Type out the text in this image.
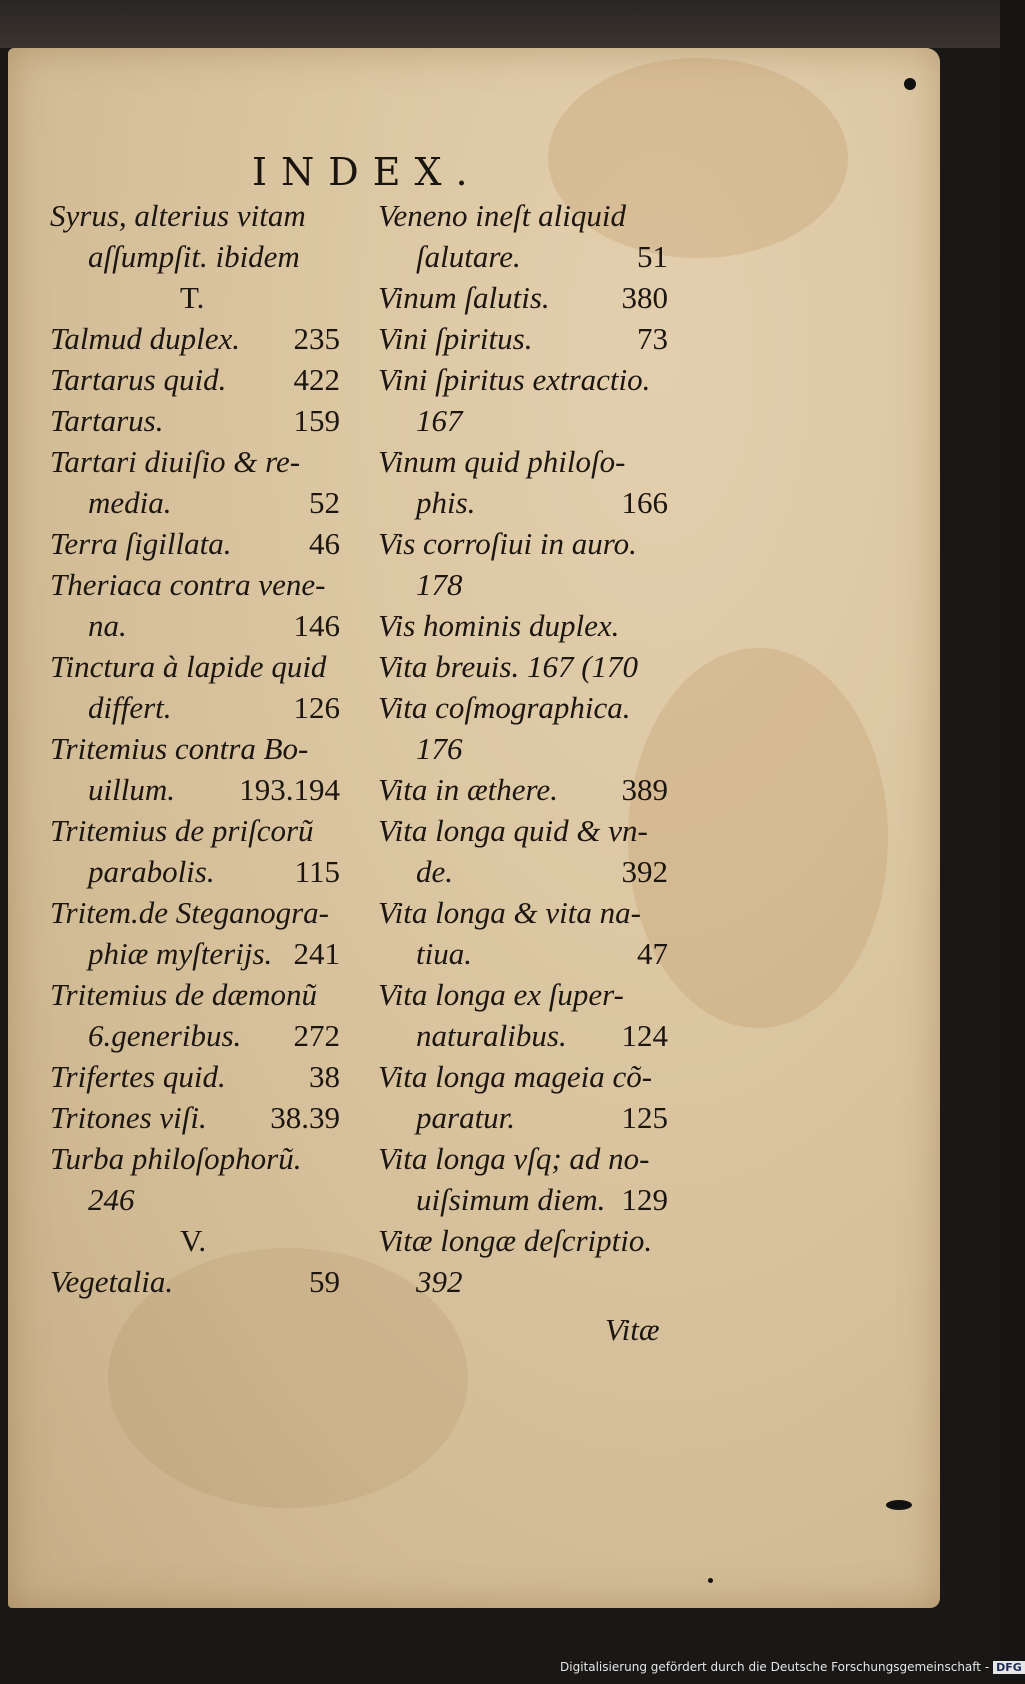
INDEX.
Syrus, alterius vitam
aſſumpſit. ibidem
T.
Talmud duplex. 235
Tartarus quid. 422
Tartarus.	159
Tartari diuiſio & re-
media.	52
Terra ſigillata.	46
Theriaca contra vene-
na.	146
Tinctura à lapide quid
differt.	126
Tritemius contra Bo-
uillum. 193.194
Tritemius de priſcorũ
parabolis.	115
Tritem.de Steganogra-
phiæ myſterijs. 241
Tritemius de dæmonũ
6.generibus. 272
Trifertes quid.	38
Tritones viſi. 38.39
Turba philoſophorũ.
246
V.
Vegetalia.	59
Veneno ineſt aliquid
ſalutare.	51
Vinum ſalutis. 380
Vini ſpiritus.	73
Vini ſpiritus extractio.
167
Vinum quid philoſo-
phis.	166
Vis corroſiui in auro.
178
Vis hominis duplex.
Vita breuis. 167 (170
Vita coſmographica.
176
Vita in æthere. 389
Vita longa quid & vn-
de.	392
Vita longa & vita na-
tiua.	47
Vita longa ex ſuper-
naturalibus. 124
Vita longa mageia cõ-
paratur.	125
Vita longa vſq; ad no-
uiſsimum diem. 129
Vitæ longæ deſcriptio.
392
Vitæ
Digitalisierung gefördert durch die Deutsche Forschungsgemeinschaft - DFG
